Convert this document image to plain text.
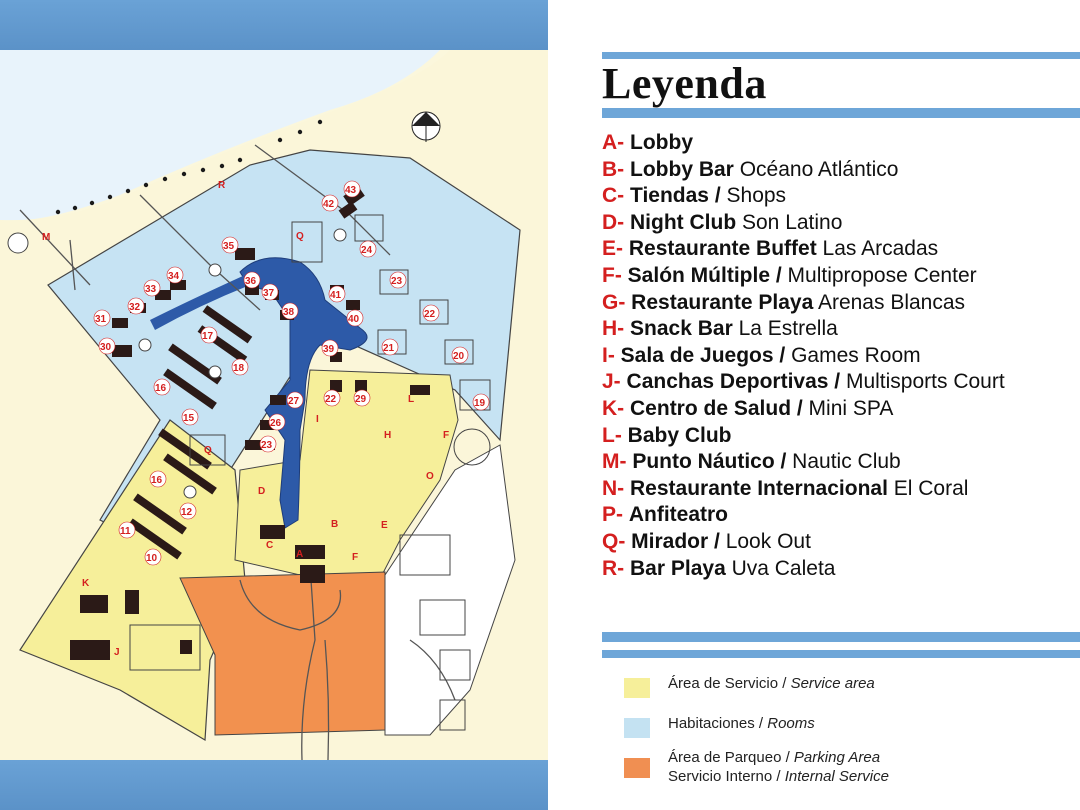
M
R
Q
Q
K
J
A
B
C
D
E
F
H
I
L
O
F
43
42
35	24
23
22
21
20
19
34
33
32
31
30
36
37
38
41
40
39
17
18
16
15
27
26
23
22 29
16
12
11
10
Leyenda
A- Lobby
B- Lobby Bar Océano Atlántico
C- Tiendas / Shops
D- Night Club Son Latino
E- Restaurante Buffet Las Arcadas
F- Salón Múltiple / Multipropose Center
G- Restaurante Playa Arenas Blancas
H- Snack Bar La Estrella
I- Sala de Juegos / Games Room
J- Canchas Deportivas / Multisports Court
K- Centro de Salud / Mini SPA
L- Baby Club
M- Punto Náutico / Nautic Club
N- Restaurante Internacional El Coral
P- Anfiteatro
Q- Mirador / Look Out
R- Bar Playa Uva Caleta
Área de Servicio / Service area
Habitaciones / Rooms
Área de Parqueo / Parking Area
Servicio Interno / Internal Service
